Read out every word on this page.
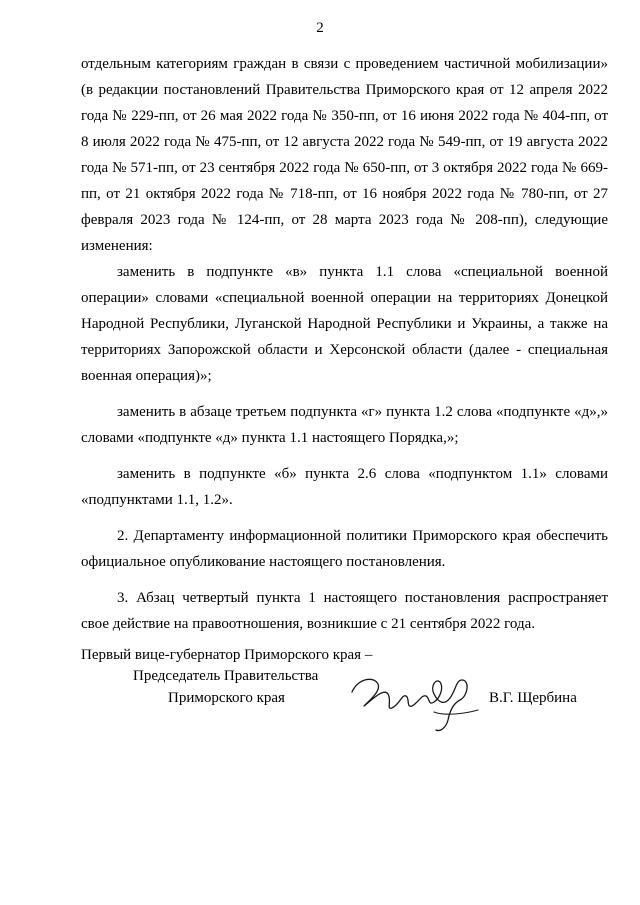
2

отдельным категориям граждан в связи с проведением частичной мобилизации» (в редакции постановлений Правительства Приморского края от 12 апреля 2022 года № 229-пп, от 26 мая 2022 года № 350-пп, от 16 июня 2022 года № 404-пп, от 8 июля 2022 года № 475-пп, от 12 августа 2022 года № 549-пп, от 19 августа 2022 года № 571-пп, от 23 сентября 2022 года № 650-пп, от 3 октября 2022 года № 669-пп, от 21 октября 2022 года № 718-пп, от 16 ноября 2022 года № 780-пп, от 27 февраля 2023 года № 124-пп, от 28 марта 2023 года № 208-пп), следующие изменения:

заменить в подпункте «в» пункта 1.1 слова «специальной военной операции» словами «специальной военной операции на территориях Донецкой Народной Республики, Луганской Народной Республики и Украины, а также на территориях Запорожской области и Херсонской области (далее - специальная военная операция)»;

заменить в абзаце третьем подпункта «г» пункта 1.2 слова «подпункте «д»,» словами «подпункте «д» пункта 1.1 настоящего Порядка,»;

заменить в подпункте «б» пункта 2.6 слова «подпунктом 1.1» словами «подпунктами 1.1, 1.2».

2. Департаменту информационной политики Приморского края обеспечить официальное опубликование настоящего постановления.

3. Абзац четвертый пункта 1 настоящего постановления распространяет свое действие на правоотношения, возникшие с 21 сентября 2022 года.

Первый вице-губернатор Приморского края –
Председатель Правительства
Приморского края	В.Г. Щербина
